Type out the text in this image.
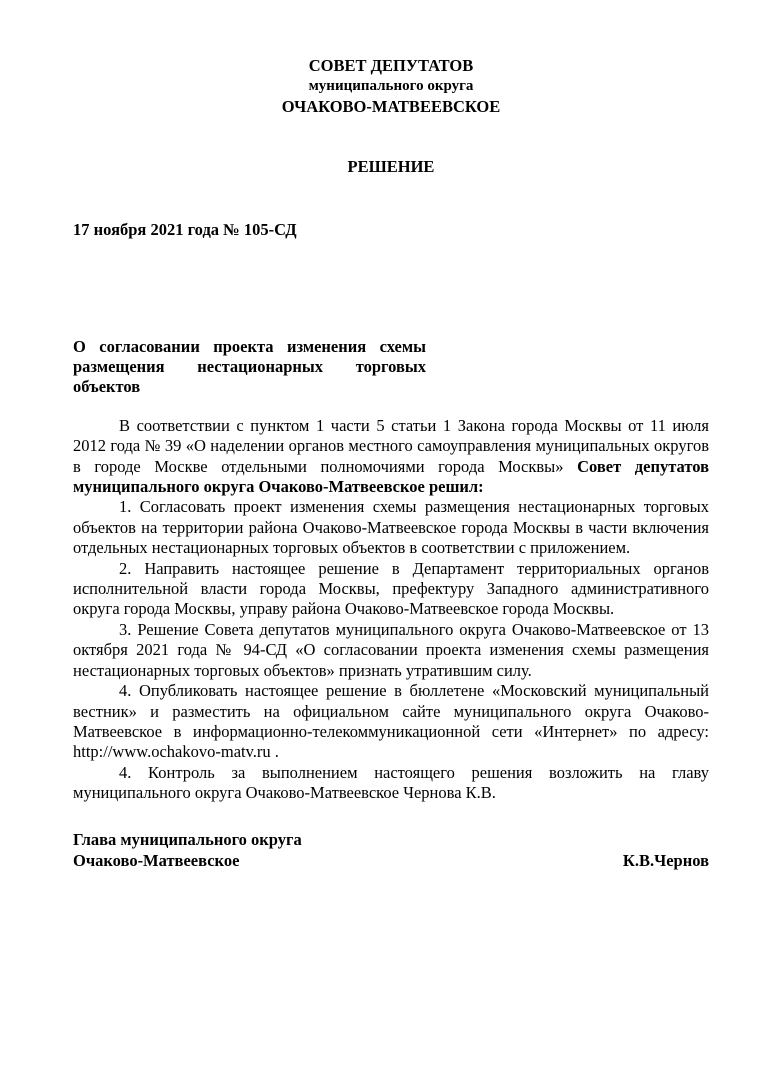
СОВЕТ ДЕПУТАТОВ
муниципального округа
ОЧАКОВО-МАТВЕЕВСКОЕ
РЕШЕНИЕ
17 ноября 2021 года № 105-СД
О согласовании проекта изменения схемы
размещения нестационарных торговых
объектов

В соответствии с пунктом 1 части 5 статьи 1 Закона города Москвы от 11 июля 2012 года № 39 «О наделении органов местного самоуправления муниципальных округов в городе Москве отдельными полномочиями города Москвы» Совет депутатов муниципального округа Очаково-Матвеевское решил:

1. Согласовать проект изменения схемы размещения нестационарных торговых объектов на территории района Очаково-Матвеевское города Москвы в части включения отдельных нестационарных торговых объектов в соответствии с приложением.

2. Направить настоящее решение в Департамент территориальных органов исполнительной власти города Москвы, префектуру Западного административного округа города Москвы, управу района Очаково-Матвеевское города Москвы.

3. Решение Совета депутатов муниципального округа Очаково-Матвеевское от 13 октября 2021 года № 94-СД «О согласовании проекта изменения схемы размещения нестационарных торговых объектов» признать утратившим силу.

4. Опубликовать настоящее решение в бюллетене «Московский муниципальный вестник» и разместить на официальном сайте муниципального округа Очаково-Матвеевское в информационно-телекоммуникационной сети «Интернет» по адресу: http://www.ochakovo-matv.ru .

4. Контроль за выполнением настоящего решения возложить на главу муниципального округа Очаково-Матвеевское Чернова К.В.

Глава муниципального округа
Очаково-Матвеевское	К.В.Чернов
